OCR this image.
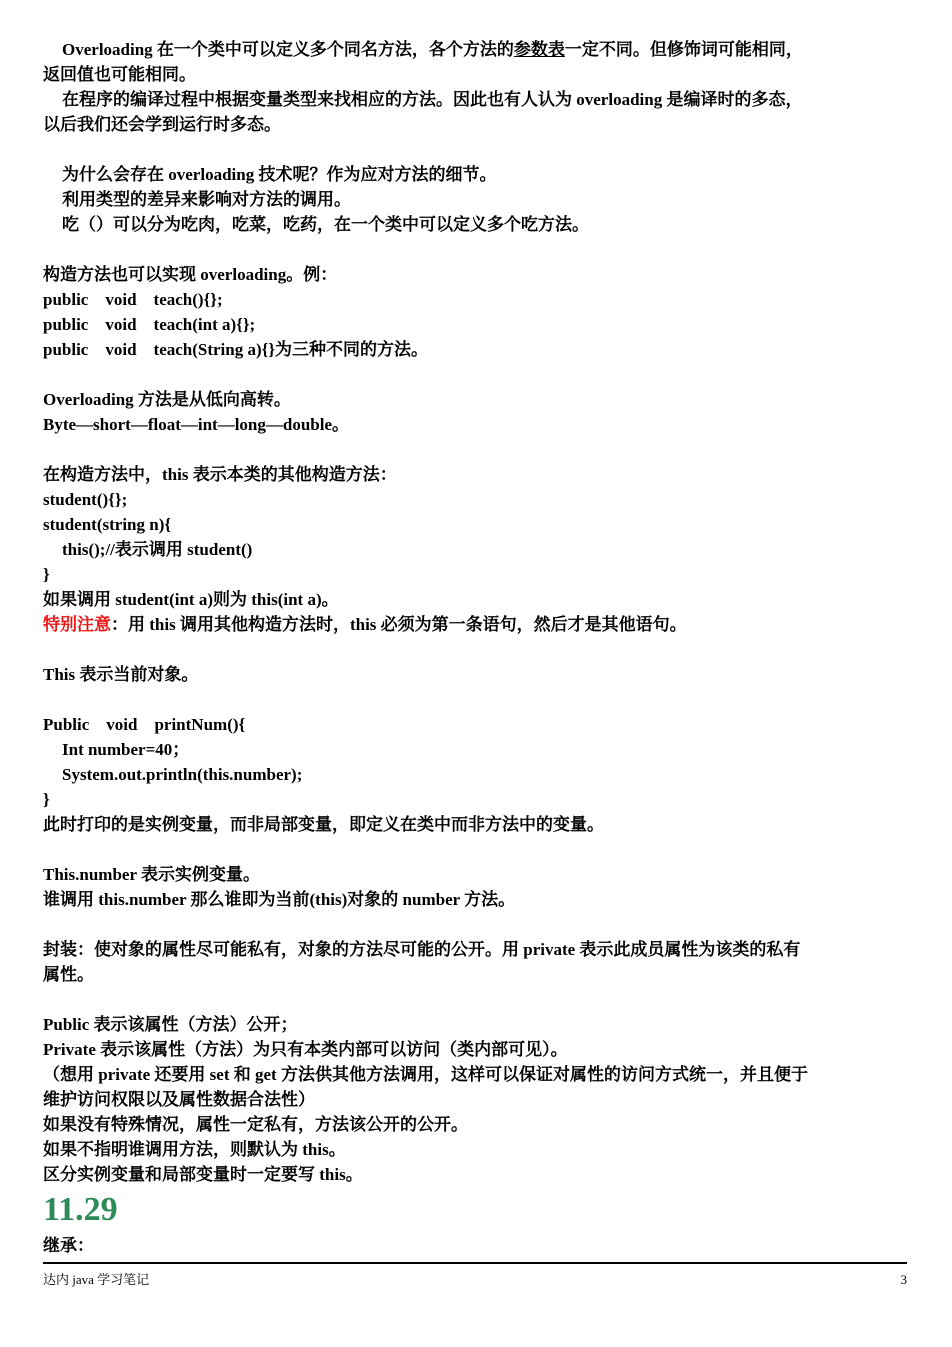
Overloading 在一个类中可以定义多个同名方法，各个方法的参数表一定不同。但修饰词可能相同，
返回值也可能相同。
在程序的编译过程中根据变量类型来找相应的方法。因此也有人认为 overloading 是编译时的多态，
以后我们还会学到运行时多态。
为什么会存在 overloading 技术呢？作为应对方法的细节。
利用类型的差异来影响对方法的调用。
吃（）可以分为吃肉，吃菜，吃药，在一个类中可以定义多个吃方法。
构造方法也可以实现 overloading。例：
public    void    teach(){};
public    void    teach(int a){};
public    void    teach(String a){}为三种不同的方法。
Overloading 方法是从低向高转。
Byte—short—float—int—long—double。
在构造方法中，this 表示本类的其他构造方法：
student(){};
student(string n){
this();//表示调用 student()
}
如果调用 student(int a)则为 this(int a)。
特别注意：用 this 调用其他构造方法时，this 必须为第一条语句，然后才是其他语句。
This 表示当前对象。
Public    void    printNum(){
Int number=40；
System.out.println(this.number);
}
此时打印的是实例变量，而非局部变量，即定义在类中而非方法中的变量。
This.number 表示实例变量。
谁调用 this.number 那么谁即为当前(this)对象的 number 方法。
封装：使对象的属性尽可能私有，对象的方法尽可能的公开。用 private 表示此成员属性为该类的私有
属性。
Public 表示该属性（方法）公开；
Private 表示该属性（方法）为只有本类内部可以访问（类内部可见）。
（想用 private 还要用 set 和 get 方法供其他方法调用，这样可以保证对属性的访问方式统一，并且便于
维护访问权限以及属性数据合法性）
如果没有特殊情况，属性一定私有，方法该公开的公开。
如果不指明谁调用方法，则默认为 this。
区分实例变量和局部变量时一定要写 this。
11.29
继承：
达内 java 学习笔记	3
